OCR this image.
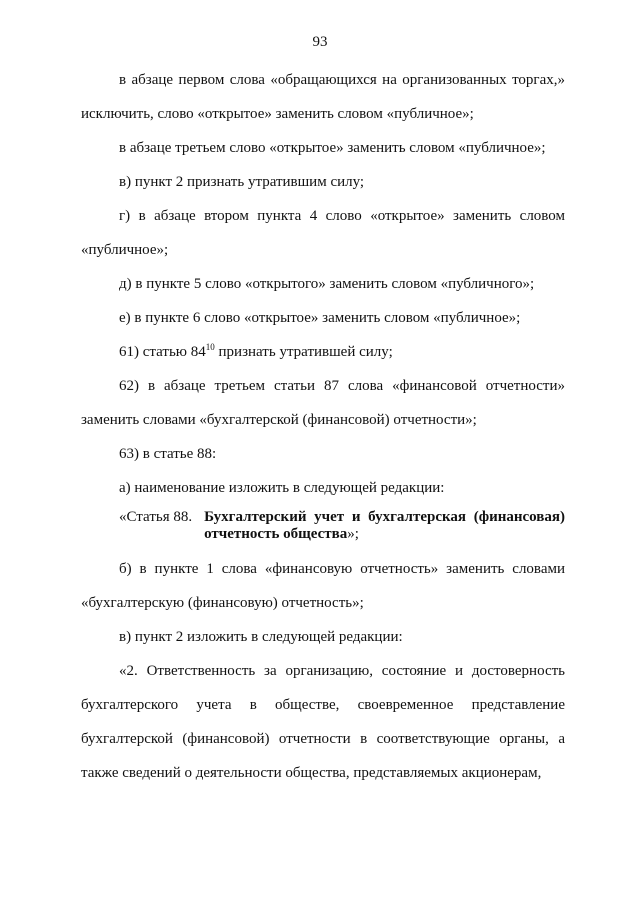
93

в абзаце первом слова «обращающихся на организованных торгах,» исключить, слово «открытое» заменить словом «публичное»;

в абзаце третьем слово «открытое» заменить словом «публичное»;

в) пункт 2 признать утратившим силу;

г) в абзаце втором пункта 4 слово «открытое» заменить словом «публичное»;

д) в пункте 5 слово «открытого» заменить словом «публичного»;

е) в пункте 6 слово «открытое» заменить словом «публичное»;

61) статью $84^{10}$ признать утратившей силу;

62) в абзаце третьем статьи 87 слова «финансовой отчетности» заменить словами «бухгалтерской (финансовой) отчетности»;

63) в статье 88:

а) наименование изложить в следующей редакции:

«Статья 88. Бухгалтерский учет и бухгалтерская (финансовая) отчетность общества»;

б) в пункте 1 слова «финансовую отчетность» заменить словами «бухгалтерскую (финансовую) отчетность»;

в) пункт 2 изложить в следующей редакции:

«2. Ответственность за организацию, состояние и достоверность бухгалтерского учета в обществе, своевременное представление бухгалтерской (финансовой) отчетности в соответствующие органы, а также сведений о деятельности общества, представляемых акционерам,
